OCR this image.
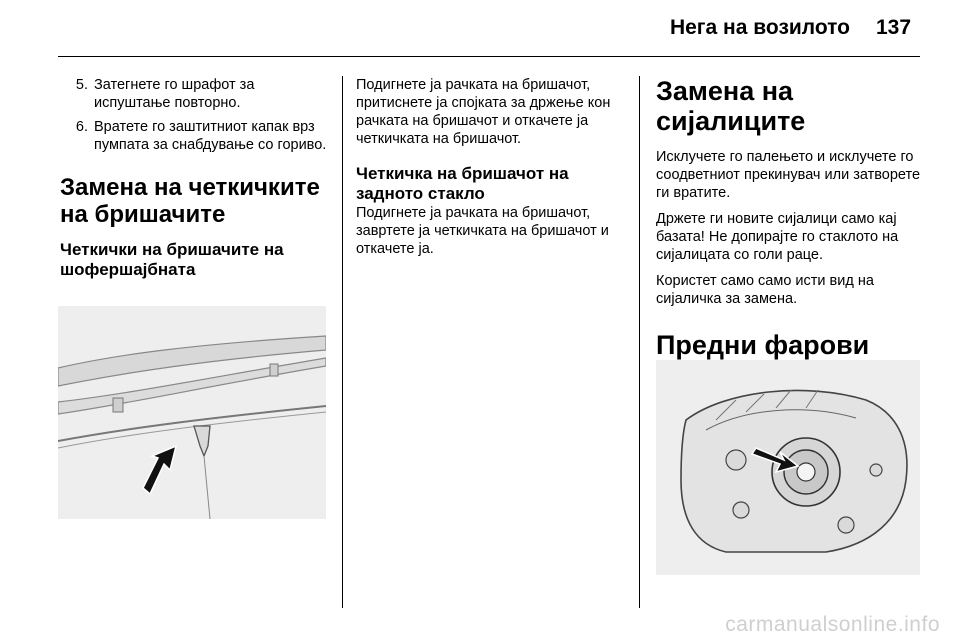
Нега на возилото 137
5. Затегнете го шрафот за испуштање повторно.
6. Вратете го заштитниот капак врз пумпата за снабдување со гориво.
Замена на четкичките на бришачите
Четкички на бришачите на шофершајбната

Подигнете ја рачката на бришачот, притиснете ја спојката за држење кон рачката на бришачот и откачете ја четкичката на бришачот.

Четкичка на бришачот на задното стакло

Подигнете ја рачката на бришачот, завртете ја четкичката на бришачот и откачете ја.

Замена на сијалиците

Исклучете го палењето и исклучете го соодветниот прекинувач или затворете ги вратите.

Држете ги новите сијалици само кај базата! Не допирајте го стаклото на сијалицата со голи раце.

Користет само само исти вид на сијаличка за замена.

Предни фарови
carmanualsonline.info
